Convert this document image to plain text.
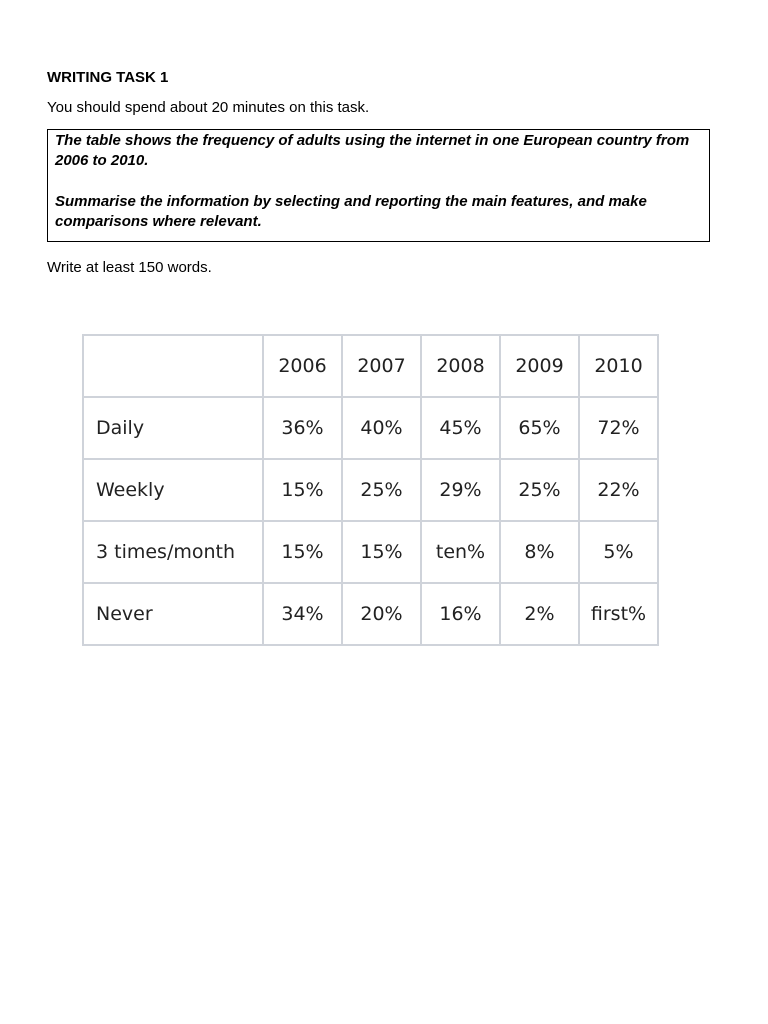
WRITING TASK 1
You should spend about 20 minutes on this task.

The table shows the frequency of adults using the internet in one European country from 2006 to 2010.

Summarise the information by selecting and reporting the main features, and make comparisons where relevant.

Write at least 150 words.
	2006	2007	2008	2009	2010
Daily	36%	40%	45%	65%	72%
Weekly	15%	25%	29%	25%	22%
3 times/month	15%	15%	ten%	8%	5%
Never	34%	20%	16%	2%	first%
